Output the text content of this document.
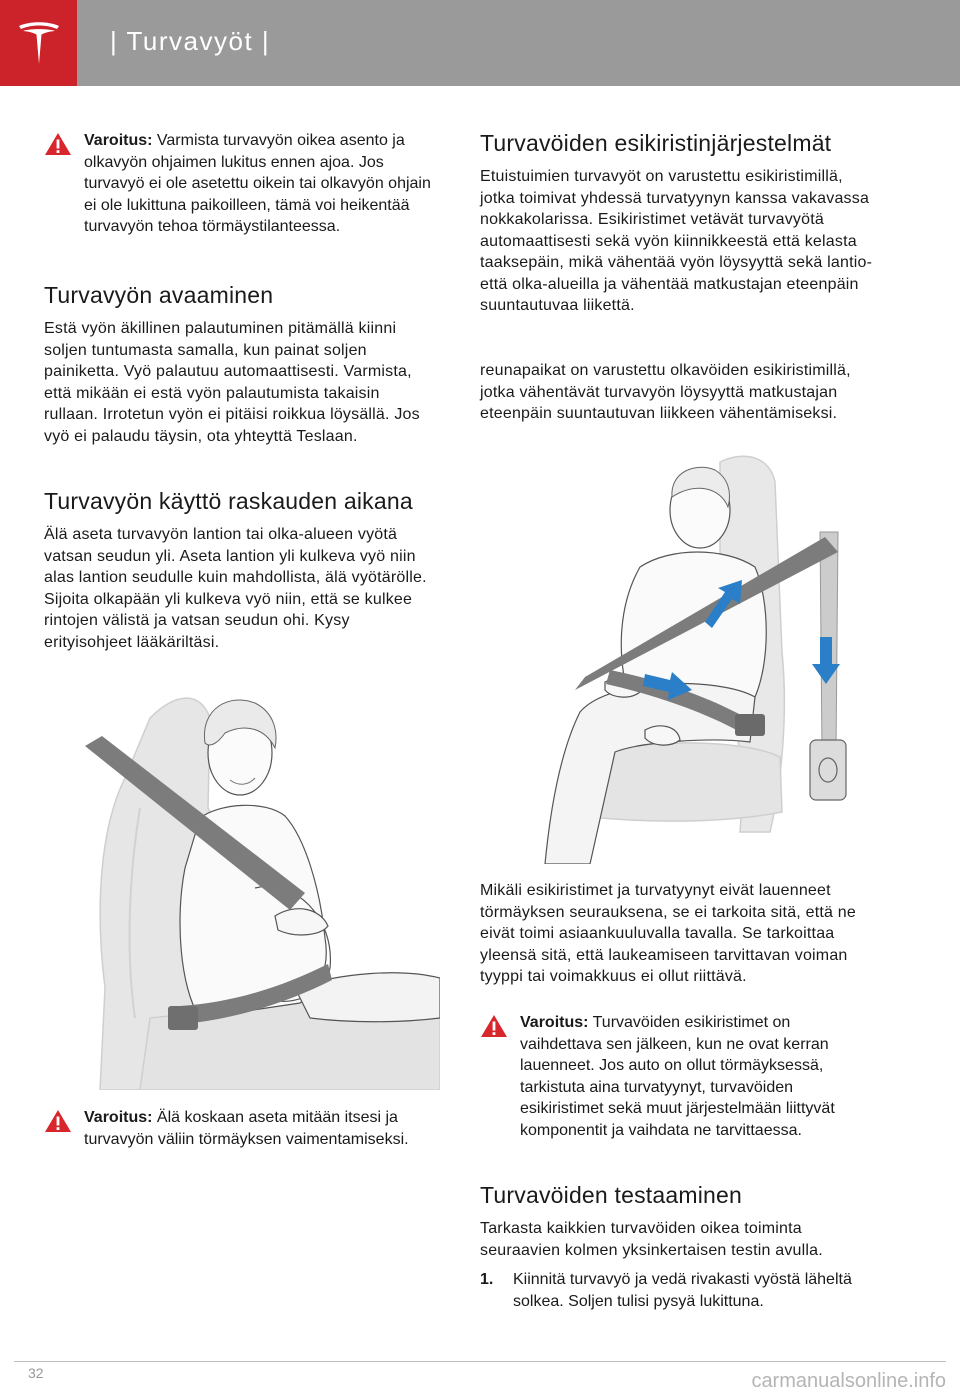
| Turvavyöt |
Varoitus: Varmista turvavyön oikea asento ja olkavyön ohjaimen lukitus ennen ajoa. Jos turvavyö ei ole asetettu oikein tai olkavyön ohjain ei ole lukittuna paikoilleen, tämä voi heikentää turvavyön tehoa törmäystilanteessa.
Turvavyön avaaminen

Estä vyön äkillinen palautuminen pitämällä kiinni soljen tuntumasta samalla, kun painat soljen painiketta. Vyö palautuu automaattisesti. Varmista, että mikään ei estä vyön palautumista takaisin rullaan. Irrotetun vyön ei pitäisi roikkua löysällä. Jos vyö ei palaudu täysin, ota yhteyttä Teslaan.

Turvavyön käyttö raskauden aikana

Älä aseta turvavyön lantion tai olka-alueen vyötä vatsan seudun yli. Aseta lantion yli kulkeva vyö niin alas lantion seudulle kuin mahdollista, älä vyötärölle. Sijoita olkapään yli kulkeva vyö niin, että se kulkee rintojen välistä ja vatsan seudun ohi. Kysy erityisohjeet lääkäriltäsi.

Varoitus: Älä koskaan aseta mitään itsesi ja turvavyön väliin törmäyksen vaimentamiseksi.
Turvavöiden esikiristinjärjestelmät

Etuistuimien turvavyöt on varustettu esikiristimillä, jotka toimivat yhdessä turvatyynyn kanssa vakavassa nokkakolarissa. Esikiristimet vetävät turvavyötä automaattisesti sekä vyön kiinnikkeestä että kelasta taaksepäin, mikä vähentää vyön löysyyttä sekä lantio- että olka-alueilla ja vähentää matkustajan eteenpäin suuntautuvaa liikettä.

reunapaikat on varustettu olkavöiden esikiristimillä, jotka vähentävät turvavyön löysyyttä matkustajan eteenpäin suuntautuvan liikkeen vähentämiseksi.

Mikäli esikiristimet ja turvatyynyt eivät lauenneet törmäyksen seurauksena, se ei tarkoita sitä, että ne eivät toimi asiaankuuluvalla tavalla. Se tarkoittaa yleensä sitä, että laukeamiseen tarvittavan voiman tyyppi tai voimakkuus ei ollut riittävä.

Varoitus: Turvavöiden esikiristimet on vaihdettava sen jälkeen, kun ne ovat kerran lauenneet. Jos auto on ollut törmäyksessä, tarkistuta aina turvatyynyt, turvavöiden esikiristimet sekä muut järjestelmään liittyvät komponentit ja vaihdata ne tarvittaessa.
Turvavöiden testaaminen

Tarkasta kaikkien turvavöiden oikea toiminta seuraavien kolmen yksinkertaisen testin avulla.

1.	Kiinnitä turvavyö ja vedä rivakasti vyöstä läheltä solkea. Soljen tulisi pysyä lukittuna.
32	carmanualsonline.info
